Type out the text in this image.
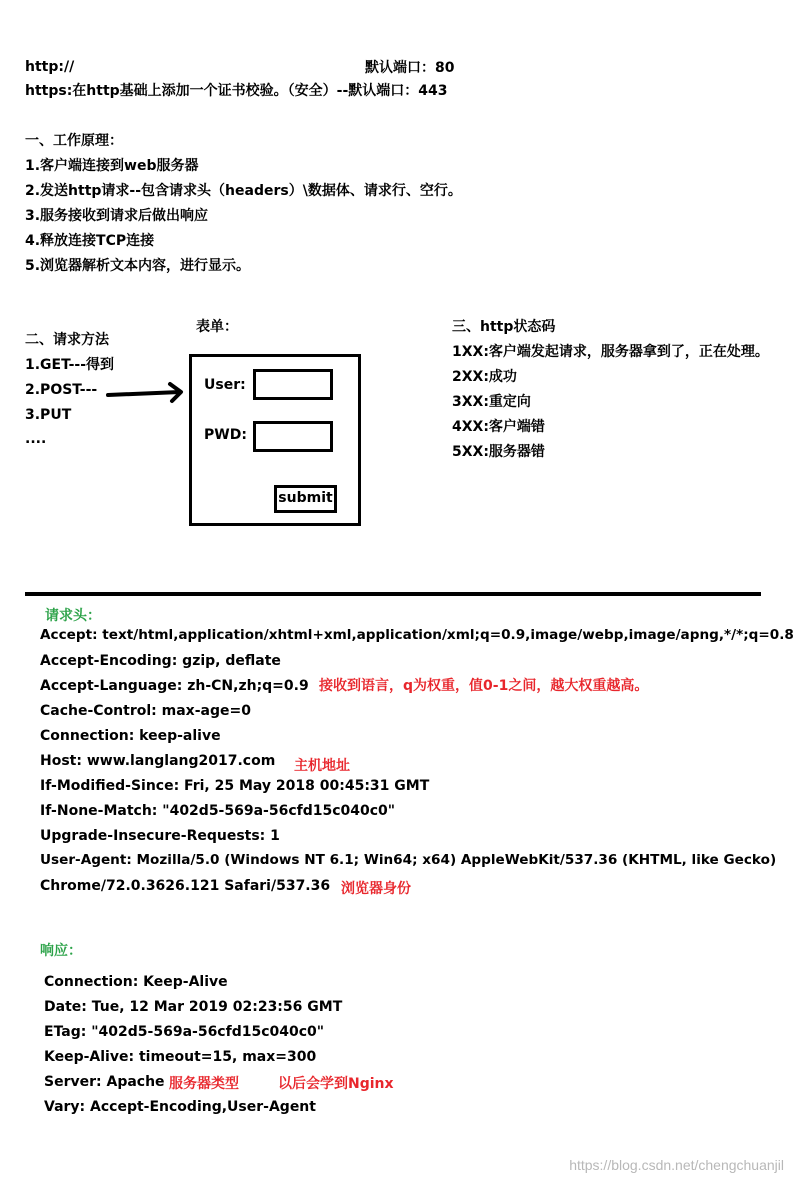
http://	默认端口：80
https:在http基础上添加一个证书校验。（安全）--默认端口：443
一、工作原理：
1.客户端连接到web服务器
2.发送http请求--包含请求头（headers）\数据体、请求行、空行。
3.服务接收到请求后做出响应
4.释放连接TCP连接
5.浏览器解析文本内容，进行显示。
二、请求方法
1.GET---得到
2.POST---
3.PUT
....
表单：
User:
PWD:
submit
三、http状态码
1XX:客户端发起请求，服务器拿到了，正在处理。
2XX:成功
3XX:重定向
4XX:客户端错
5XX:服务器错
请求头：
Accept: text/html,application/xhtml+xml,application/xml;q=0.9,image/webp,image/apng,*/*;q=0.8
Accept-Encoding: gzip, deflate
Accept-Language: zh-CN,zh;q=0.9 接收到语言，q为权重，值0-1之间，越大权重越高。
Cache-Control: max-age=0
Connection: keep-alive
Host: www.langlang2017.com 主机地址
If-Modified-Since: Fri, 25 May 2018 00:45:31 GMT
If-None-Match: "402d5-569a-56cfd15c040c0"
Upgrade-Insecure-Requests: 1
User-Agent: Mozilla/5.0 (Windows NT 6.1; Win64; x64) AppleWebKit/537.36 (KHTML, like Gecko)
Chrome/72.0.3626.121 Safari/537.36 浏览器身份
响应：
Connection: Keep-Alive
Date: Tue, 12 Mar 2019 02:23:56 GMT
ETag: "402d5-569a-56cfd15c040c0"
Keep-Alive: timeout=15, max=300
Server: Apache 服务器类型	以后会学到Nginx
Vary: Accept-Encoding,User-Agent
https://blog.csdn.net/chengchuanjil
